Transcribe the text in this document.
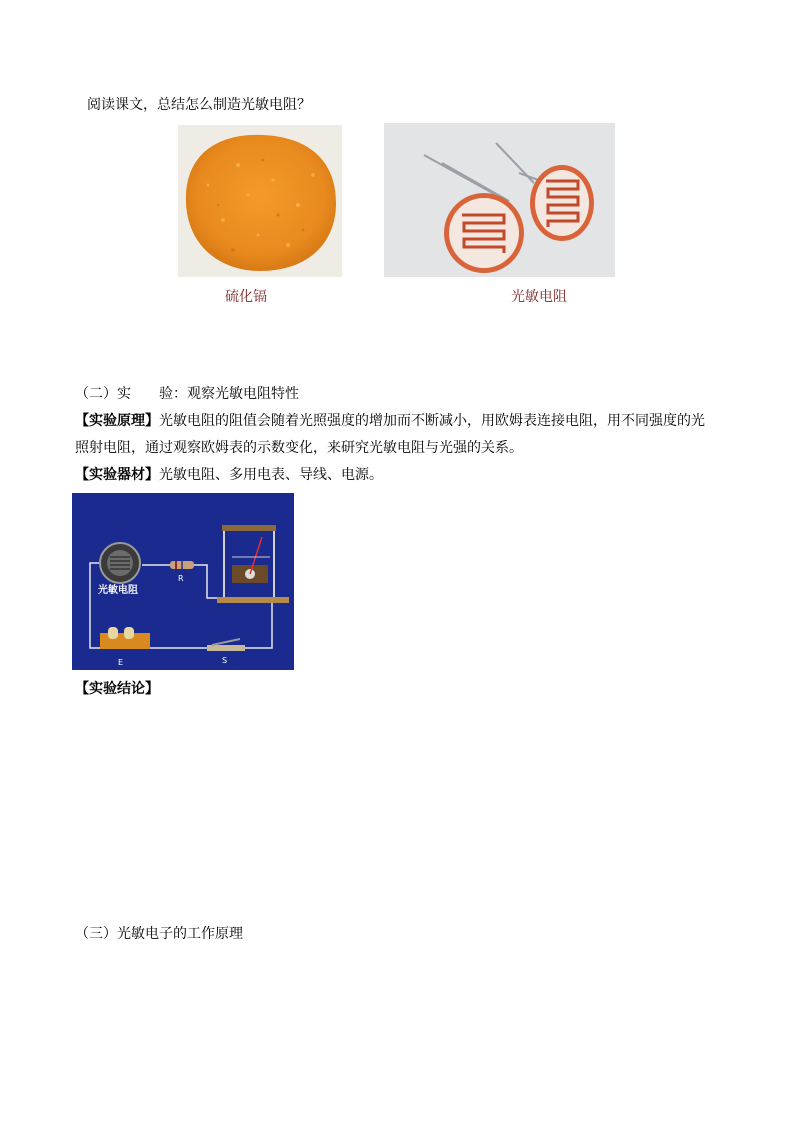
阅读课文，总结怎么制造光敏电阻？
硫化镉	光敏电阻
（二）实　　验：观察光敏电阻特性
【实验原理】光敏电阻的阻值会随着光照强度的增加而不断减小，用欧姆表连接电阻，用不同强度的光
照射电阻，通过观察欧姆表的示数变化，来研究光敏电阻与光强的关系。
【实验器材】光敏电阻、多用电表、导线、电源。
光敏电阻
R
E	S
【实验结论】
（三）光敏电子的工作原理
